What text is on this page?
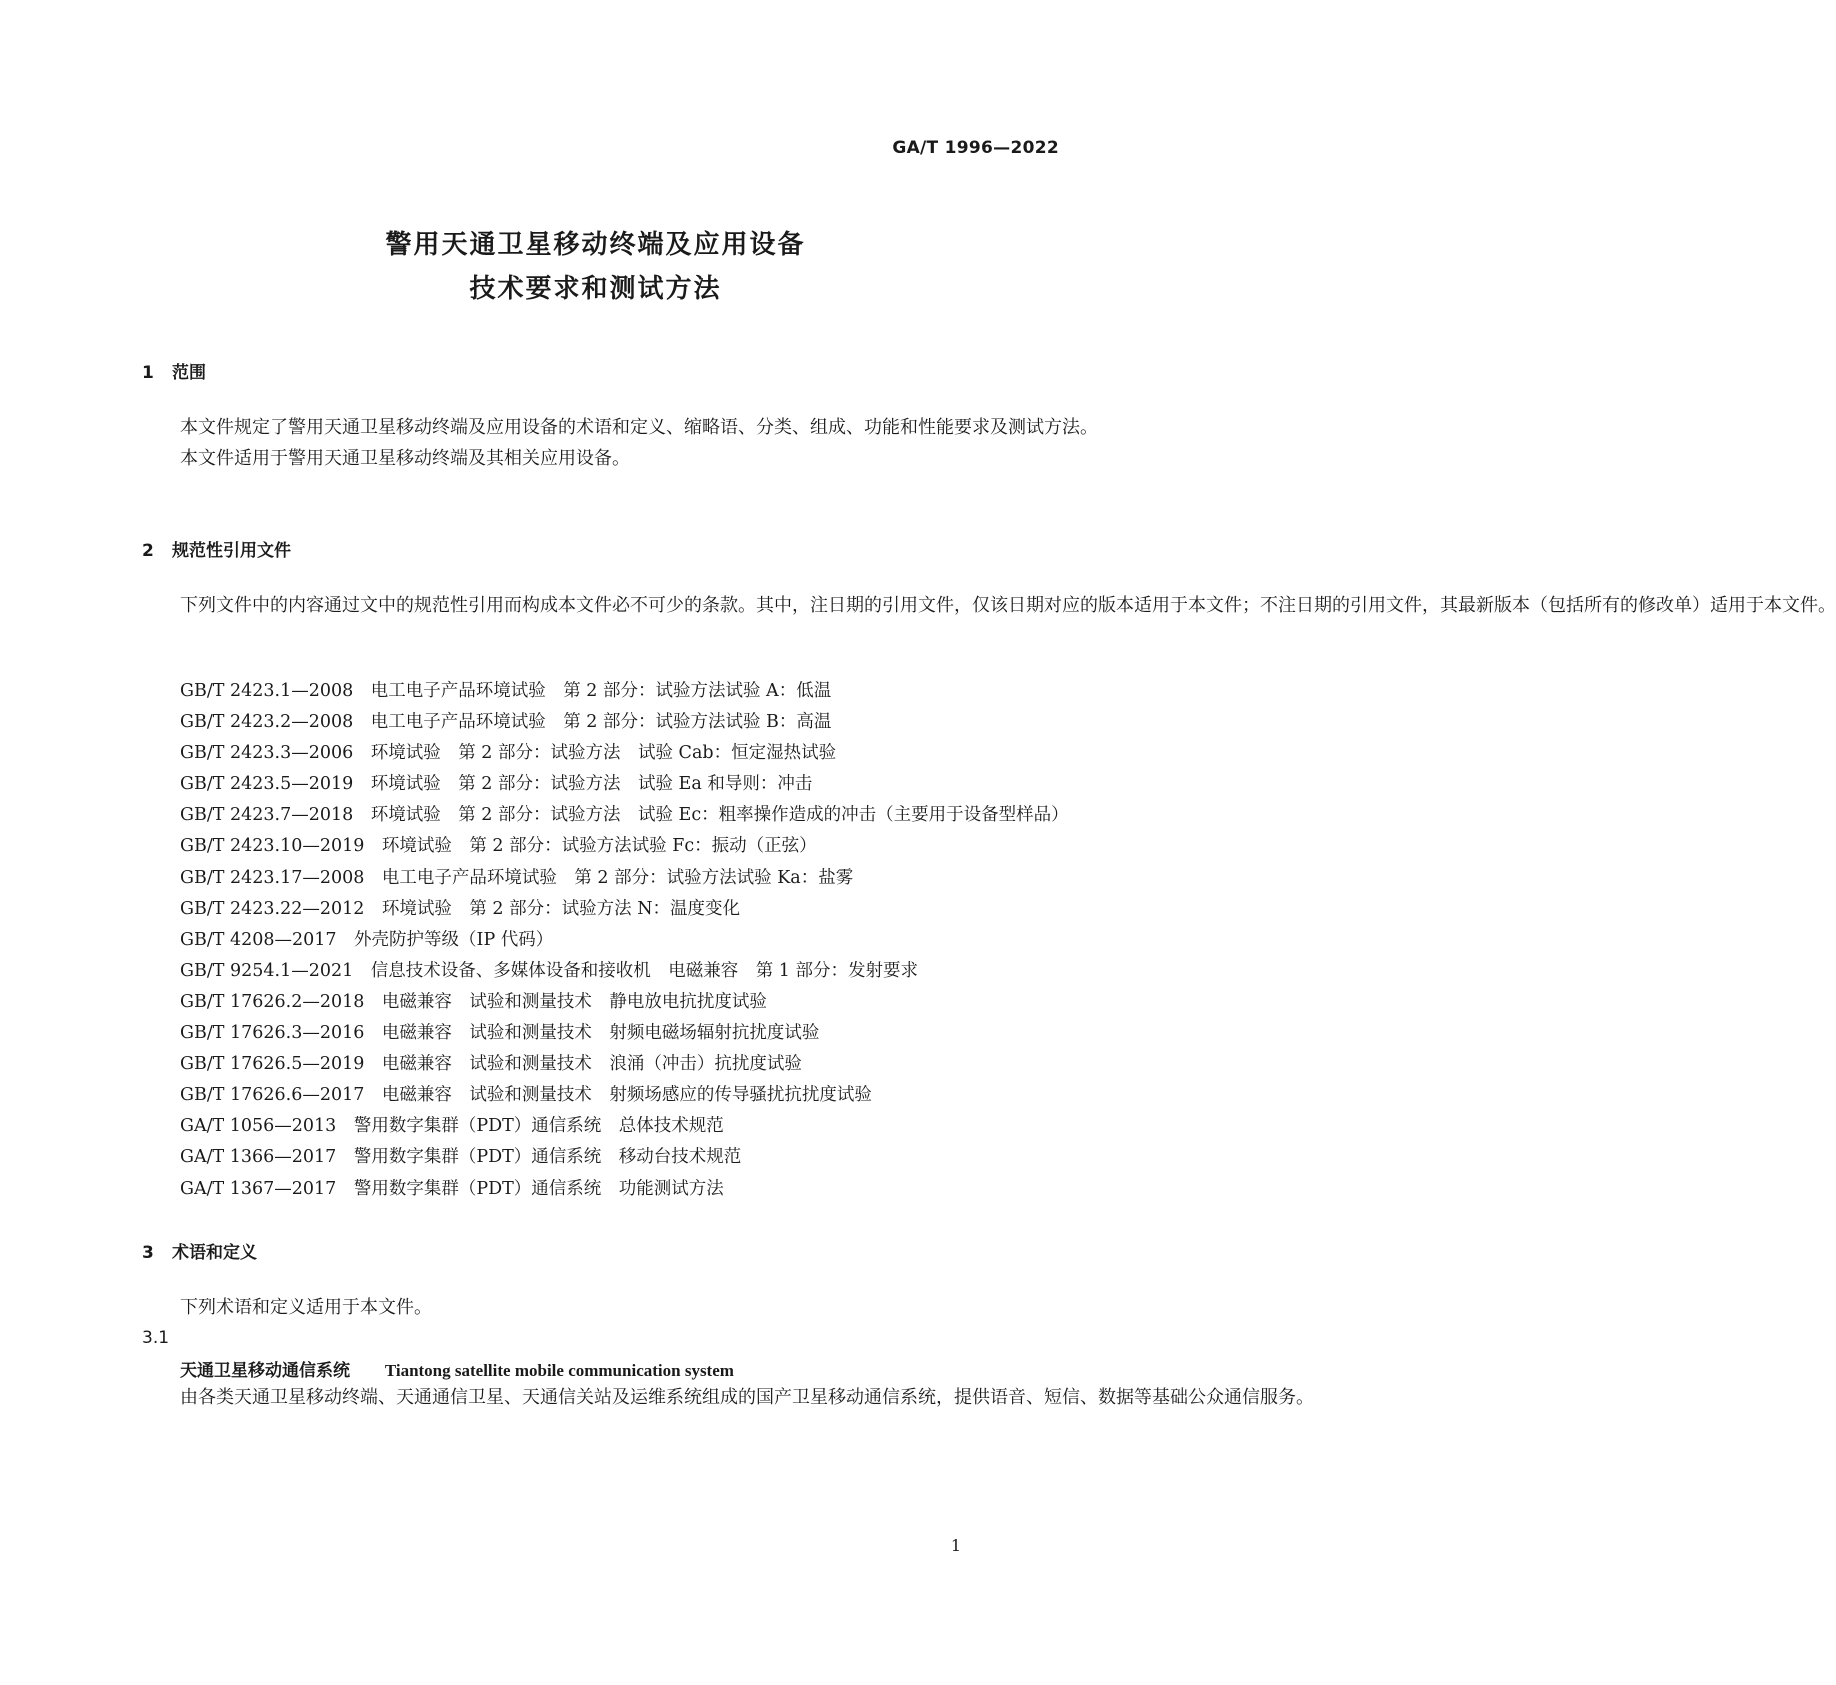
GA/T 1996—2022
警用天通卫星移动终端及应用设备
技术要求和测试方法
1 范围

本文件规定了警用天通卫星移动终端及应用设备的术语和定义、缩略语、分类、组成、功能和性能要求及测试方法。

本文件适用于警用天通卫星移动终端及其相关应用设备。

2 规范性引用文件

下列文件中的内容通过文中的规范性引用而构成本文件必不可少的条款。其中，注日期的引用文件，仅该日期对应的版本适用于本文件；不注日期的引用文件，其最新版本（包括所有的修改单）适用于本文件。

GB/T 2423.1—2008　电工电子产品环境试验　第 2 部分：试验方法试验 A：低温

GB/T 2423.2—2008　电工电子产品环境试验　第 2 部分：试验方法试验 B：高温

GB/T 2423.3—2006　环境试验　第 2 部分：试验方法　试验 Cab：恒定湿热试验

GB/T 2423.5—2019　环境试验　第 2 部分：试验方法　试验 Ea 和导则：冲击

GB/T 2423.7—2018　环境试验　第 2 部分：试验方法　试验 Ec：粗率操作造成的冲击（主要用于设备型样品）

GB/T 2423.10—2019　环境试验　第 2 部分：试验方法试验 Fc：振动（正弦）

GB/T 2423.17—2008　电工电子产品环境试验　第 2 部分：试验方法试验 Ka：盐雾

GB/T 2423.22—2012　环境试验　第 2 部分：试验方法 N：温度变化

GB/T 4208—2017　外壳防护等级（IP 代码）

GB/T 9254.1—2021　信息技术设备、多媒体设备和接收机　电磁兼容　第 1 部分：发射要求

GB/T 17626.2—2018　电磁兼容　试验和测量技术　静电放电抗扰度试验

GB/T 17626.3—2016　电磁兼容　试验和测量技术　射频电磁场辐射抗扰度试验

GB/T 17626.5—2019　电磁兼容　试验和测量技术　浪涌（冲击）抗扰度试验

GB/T 17626.6—2017　电磁兼容　试验和测量技术　射频场感应的传导骚扰抗扰度试验

GA/T 1056—2013　警用数字集群（PDT）通信系统　总体技术规范

GA/T 1366—2017　警用数字集群（PDT）通信系统　移动台技术规范

GA/T 1367—2017　警用数字集群（PDT）通信系统　功能测试方法

3 术语和定义

下列术语和定义适用于本文件。

3.1
天通卫星移动通信系统 Tiantong satellite mobile communication system

由各类天通卫星移动终端、天通通信卫星、天通信关站及运维系统组成的国产卫星移动通信系统，提供语音、短信、数据等基础公众通信服务。

1
